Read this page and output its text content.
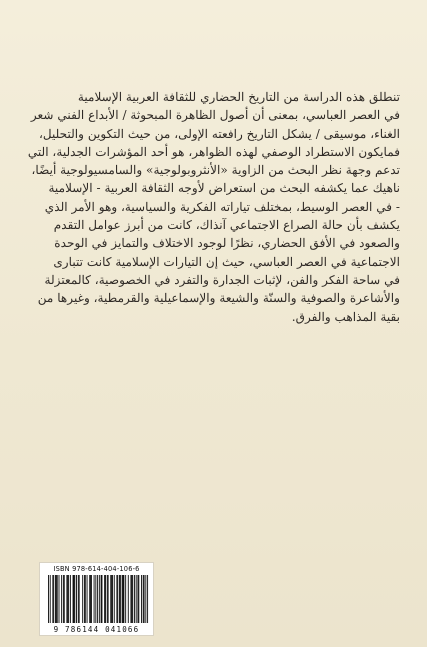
تنطلق هذه الدراسة من التاريخ الحضاري للثقافة العربية الإسلامية
في العصر العباسي، بمعنى أن أصول الظاهرة المبحوثة / الأبداع الفني شعر
الغناء، موسيقى / يشكل التاريخ رافعته الإولى، من حيث التكوين والتحليل،
فمايكون الاستطراد الوصفي لهذه الظواهر، هو أحد المؤشرات الجدلية، التي
تدعم وجهة نظر البحث من الزاوية «الأنثروبولوجية» والسامسيولوجية أيضًا،
ناهيك عما يكشفه البحث من استعراض لأوجه الثقافة العربية - الإسلامية
- في العصر الوسيط، بمختلف تياراته الفكرية والسياسية، وهو الأمر الذي
يكشف بأن حالة الصراع الاجتماعي آنذاك، كانت من أبرز عوامل التقدم
والصعود في الأفق الحضاري، نظرًا لوجود الاختلاف والتمايز في الوحدة
الاجتماعية في العصر العباسي، حيث إن التيارات الإسلامية كانت تتبارى
في ساحة الفكر والفن، لإثبات الجدارة والتفرد في الخصوصية، كالمعتزلة
والأشاعرة والصوفية والسنّة والشيعة والإسماعيلية والقرمطية، وغيرها من
بقية المذاهب والفرق.
ISBN 978-614-404-106-6
9 786144 041066
